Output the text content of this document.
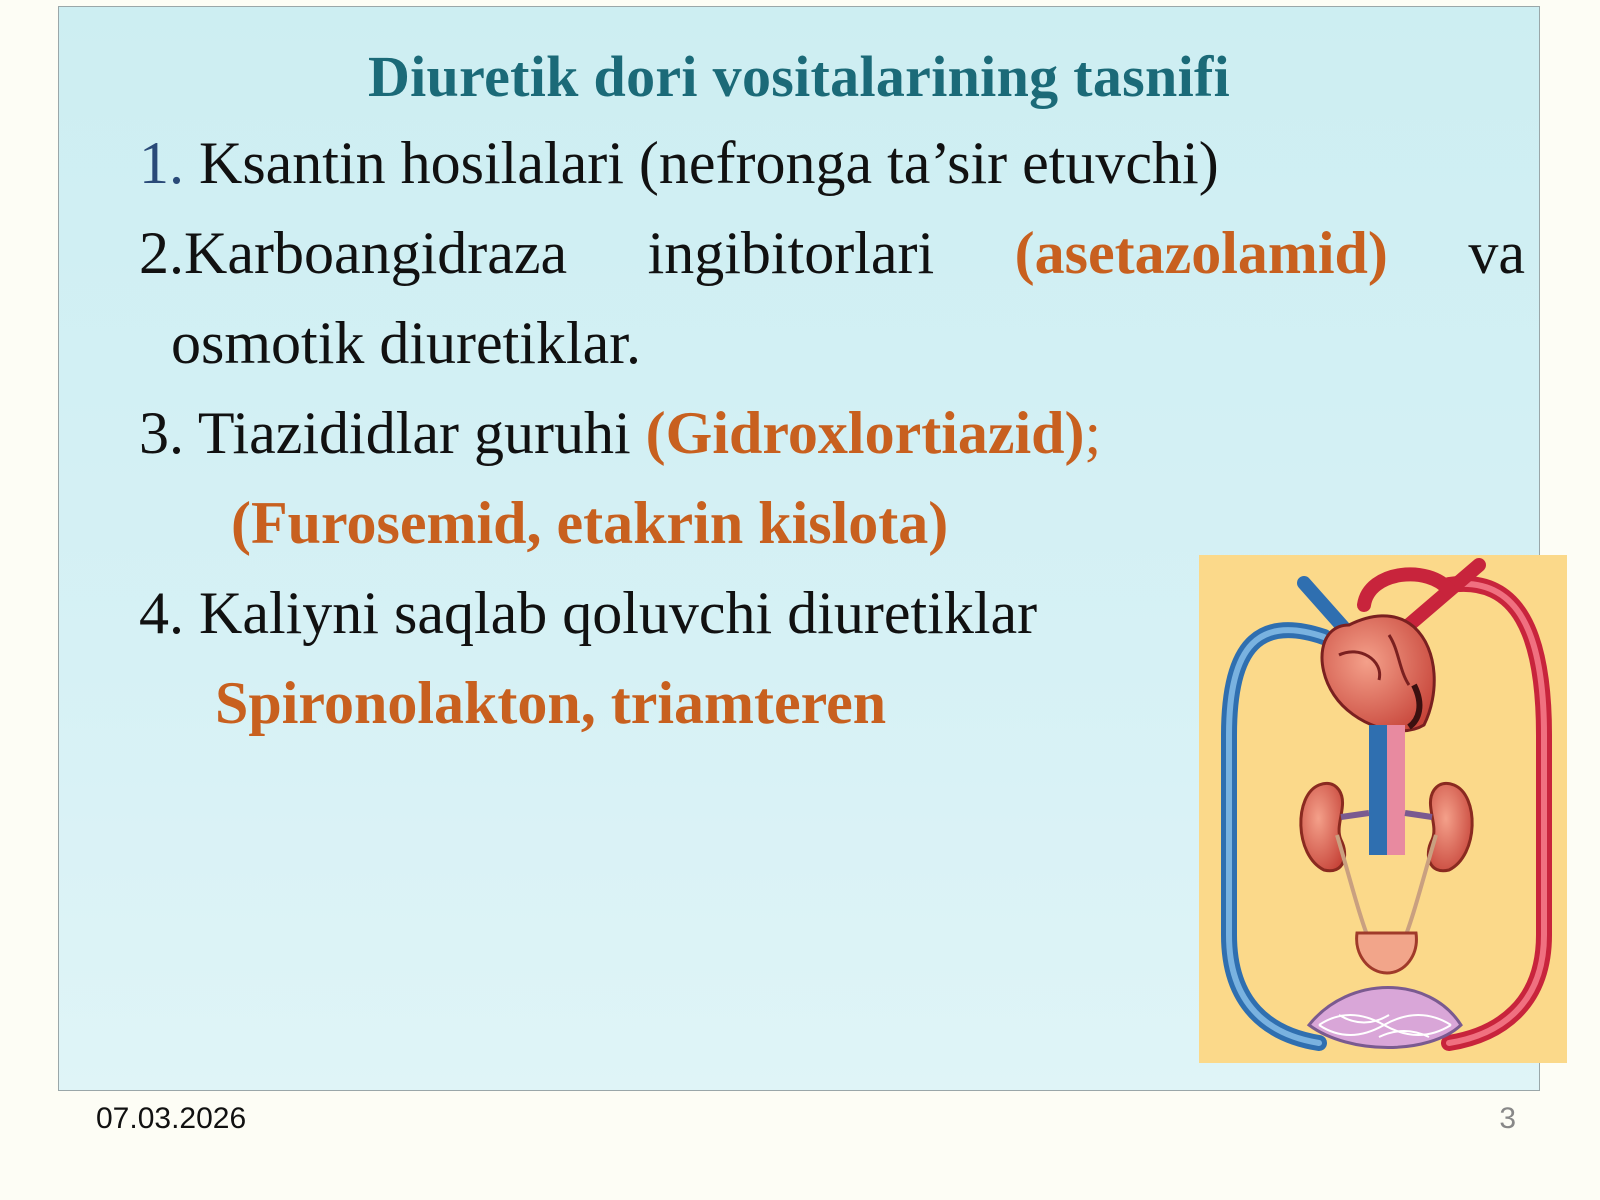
Diuretik dori vositalarining tasnifi
1. Ksantin hosilalari (nefronga ta’sir etuvchi)
2.Karboangidraza ingibitorlari (asetazolamid) va
osmotik diuretiklar.
3. Tiazididlar guruhi (Gidroxlortiazid);
(Furosemid, etakrin kislota)
4. Kaliyni saqlab qoluvchi diuretiklar
Spironolakton, triamteren
07.03.2026	3
